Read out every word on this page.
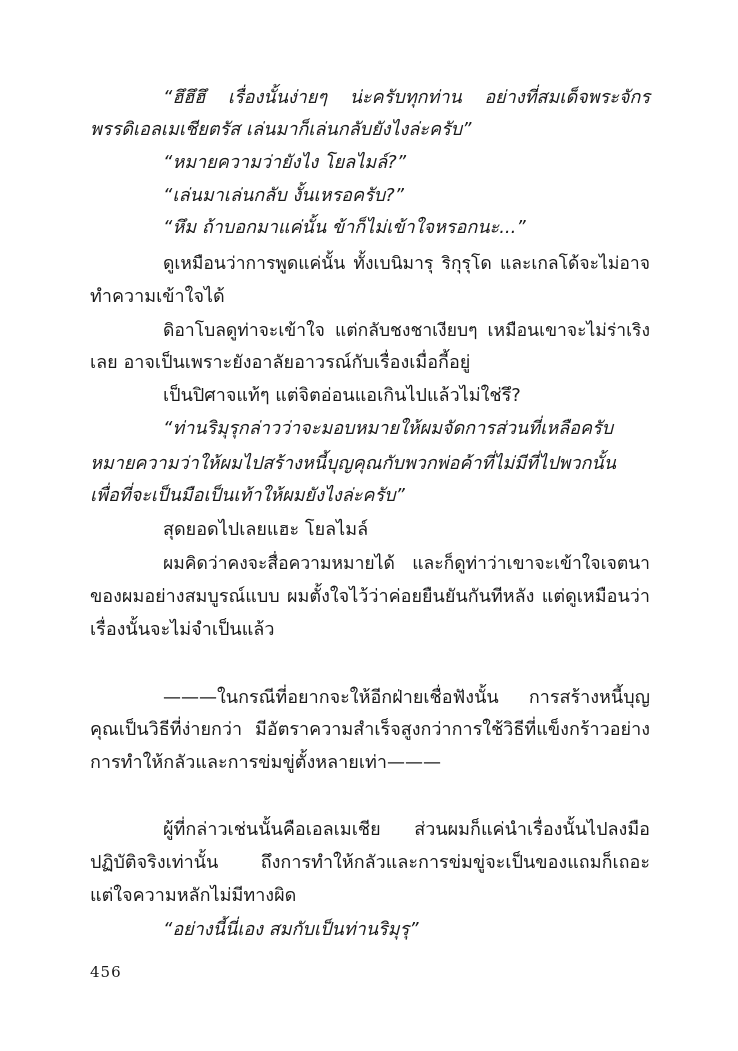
“ฮึฮึฮึ เรื่องนั้นง่ายๆ น่ะครับทุกท่าน อย่างที่สมเด็จพระจักร
พรรดิเอลเมเชียตรัส เล่นมาก็เล่นกลับยังไงล่ะครับ”
“หมายความว่ายังไง โยลไมล์?”
“เล่นมาเล่นกลับ งั้นเหรอครับ?”
“หึม ถ้าบอกมาแค่นั้น ข้าก็ไม่เข้าใจหรอกนะ...”
ดูเหมือนว่าการพูดแค่นั้น ทั้งเบนิมารุ ริกุรุโด และเกลโด้จะไม่อาจ
ทำความเข้าใจได้
ดิอาโบลดูท่าจะเข้าใจ แต่กลับชงชาเงียบๆ เหมือนเขาจะไม่ร่าเริง
เลย อาจเป็นเพราะยังอาลัยอาวรณ์กับเรื่องเมื่อกี้อยู่
เป็นปิศาจแท้ๆ แต่จิตอ่อนแอเกินไปแล้วไม่ใช่รึ?
“ท่านริมุรุกล่าวว่าจะมอบหมายให้ผมจัดการส่วนที่เหลือครับ
หมายความว่าให้ผมไปสร้างหนี้บุญคุณกับพวกพ่อค้าที่ไม่มีที่ไปพวกนั้น
เพื่อที่จะเป็นมือเป็นเท้าให้ผมยังไงล่ะครับ”
สุดยอดไปเลยแฮะ โยลไมล์
ผมคิดว่าคงจะสื่อความหมายได้ และก็ดูท่าว่าเขาจะเข้าใจเจตนา
ของผมอย่างสมบูรณ์แบบ ผมตั้งใจไว้ว่าค่อยยืนยันกันทีหลัง แต่ดูเหมือนว่า
เรื่องนั้นจะไม่จำเป็นแล้ว
———ในกรณีที่อยากจะให้อีกฝ่ายเชื่อฟังนั้น การสร้างหนี้บุญ
คุณเป็นวิธีที่ง่ายกว่า มีอัตราความสำเร็จสูงกว่าการใช้วิธีที่แข็งกร้าวอย่าง
การทำให้กลัวและการข่มขู่ตั้งหลายเท่า———
ผู้ที่กล่าวเช่นนั้นคือเอลเมเชีย ส่วนผมก็แค่นำเรื่องนั้นไปลงมือ
ปฏิบัติจริงเท่านั้น ถึงการทำให้กลัวและการข่มขู่จะเป็นของแถมก็เถอะ
แต่ใจความหลักไม่มีทางผิด
“อย่างนี้นี่เอง สมกับเป็นท่านริมุรุ”
456
